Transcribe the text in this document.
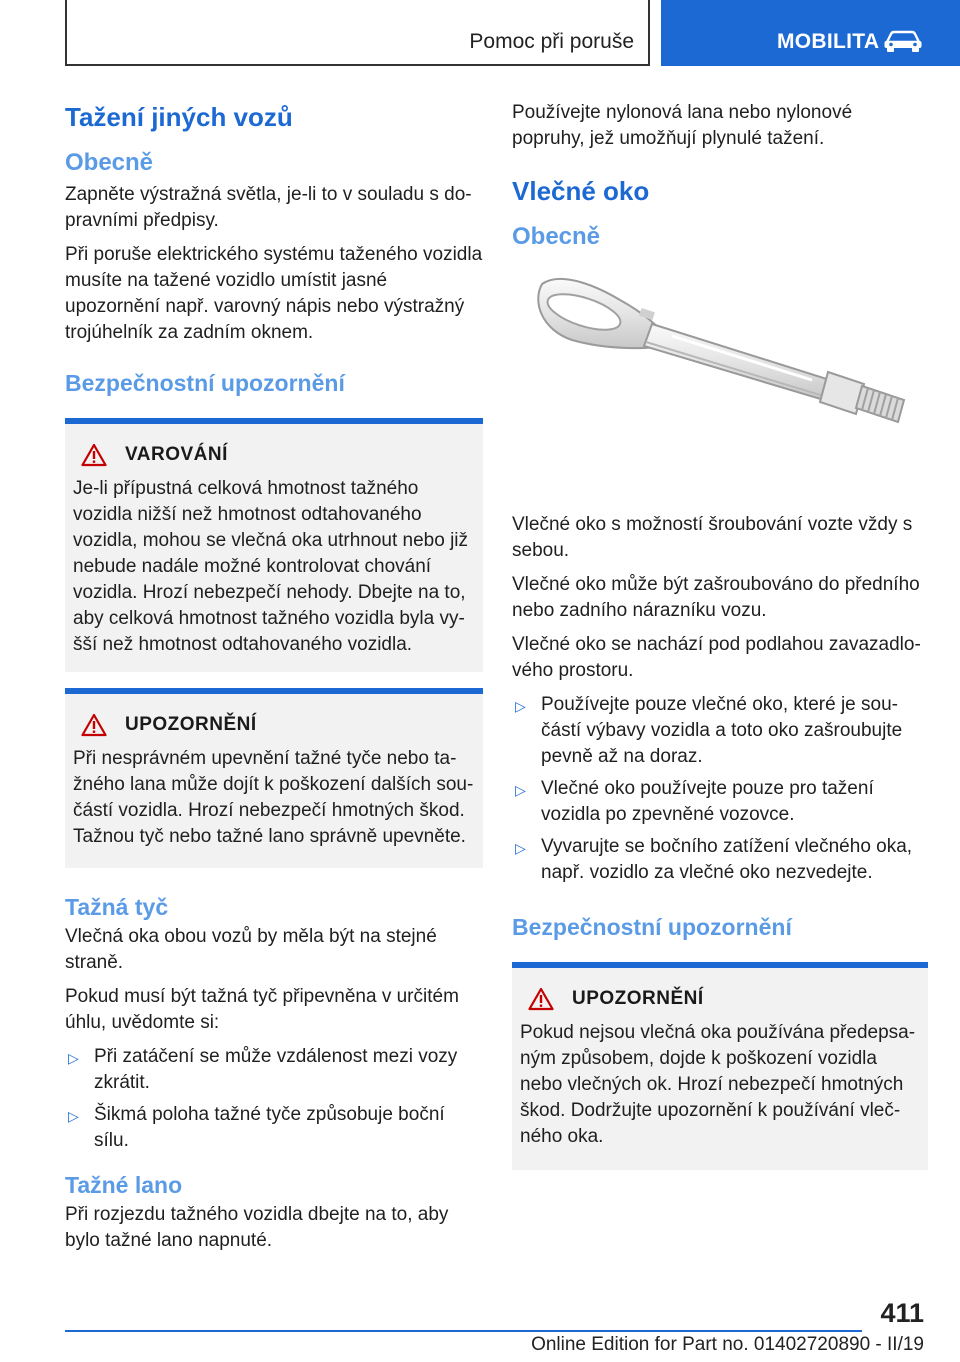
Pomoc při poruše	MOBILITA
Tažení jiných vozů
Obecně
Zapněte výstražná světla, je-li to v souladu s do-pravními předpisy.
Při poruše elektrického systému taženého vozidla musíte na tažené vozidlo umístit jasné upozornění např. varovný nápis nebo výstražný trojúhelník za zadním oknem.
Bezpečnostní upozornění
VAROVÁNÍ
Je-li přípustná celková hmotnost tažného vozidla nižší než hmotnost odtahovaného vozidla, mohou se vlečná oka utrhnout nebo již nebude nadále možné kontrolovat chování vozidla. Hrozí nebezpečí nehody. Dbejte na to, aby celková hmotnost tažného vozidla byla vy-šší než hmotnost odtahovaného vozidla.
UPOZORNĚNÍ
Při nesprávném upevnění tažné tyče nebo ta-žného lana může dojít k poškození dalších sou-částí vozidla. Hrozí nebezpečí hmotných škod. Tažnou tyč nebo tažné lano správně upevněte.
Tažná tyč
Vlečná oka obou vozů by měla být na stejné straně.
Pokud musí být tažná tyč připevněna v určitém úhlu, uvědomte si:
▷ Při zatáčení se může vzdálenost mezi vozy zkrátit.
▷ Šikmá poloha tažné tyče způsobuje boční sílu.
Tažné lano
Při rozjezdu tažného vozidla dbejte na to, aby bylo tažné lano napnuté.
Používejte nylonová lana nebo nylonové popruhy, jež umožňují plynulé tažení.
Vlečné oko
Obecně
Vlečné oko s možností šroubování vozte vždy s sebou.
Vlečné oko může být zašroubováno do předního nebo zadního nárazníku vozu.
Vlečné oko se nachází pod podlahou zavazadlo-vého prostoru.
▷ Používejte pouze vlečné oko, které je sou-částí výbavy vozidla a toto oko zašroubujte pevně až na doraz.
▷ Vlečné oko používejte pouze pro tažení vozidla po zpevněné vozovce.
▷ Vyvarujte se bočního zatížení vlečného oka, např. vozidlo za vlečné oko nezvedejte.
Bezpečnostní upozornění
UPOZORNĚNÍ
Pokud nejsou vlečná oka používána předepsa-ným způsobem, dojde k poškození vozidla nebo vlečných ok. Hrozí nebezpečí hmotných škod. Dodržujte upozornění k používání vleč-ného oka.
411
Online Edition for Part no. 01402720890 - II/19
